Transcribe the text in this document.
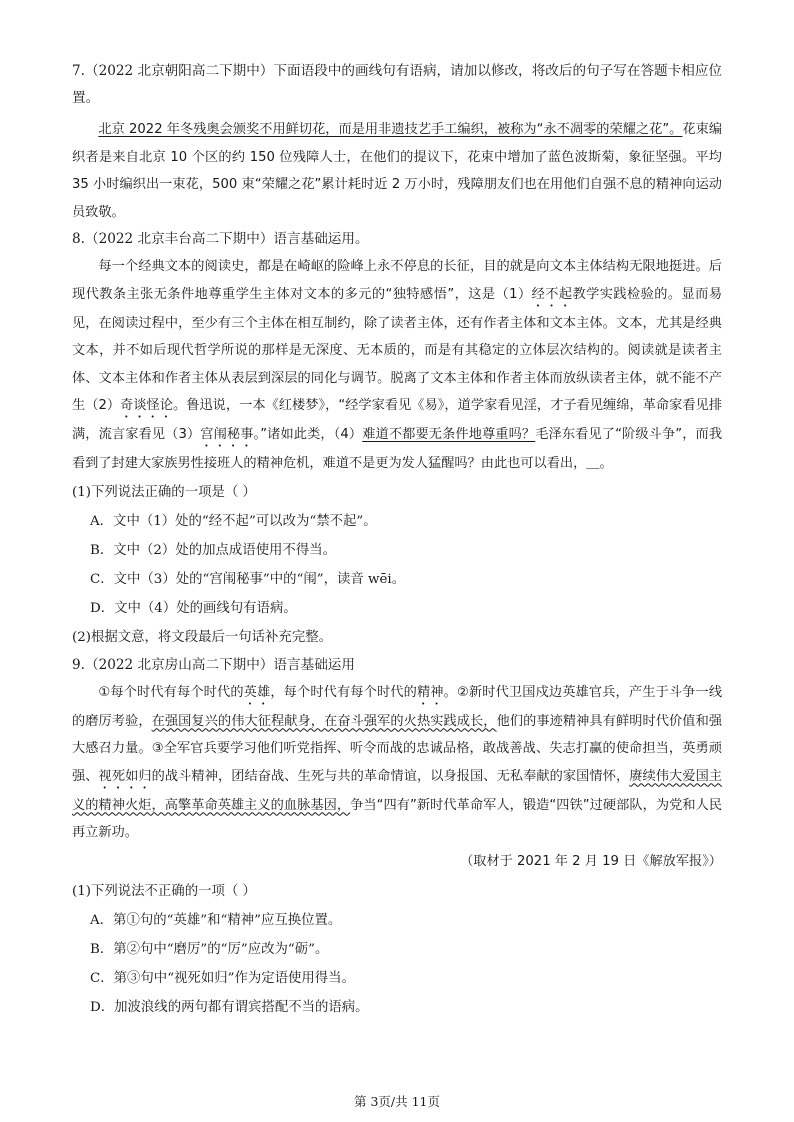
7.（2022 北京朝阳高二下期中）下面语段中的画线句有语病，请加以修改，将改后的句子写在答题卡相应位置。

北京 2022 年冬残奥会颁奖不用鲜切花，而是用非遗技艺手工编织，被称为“永不凋零的荣耀之花”。花束编织者是来自北京 10 个区的约 150 位残障人士，在他们的提议下，花束中增加了蓝色波斯菊，象征坚强。平均 35 小时编织出一束花，500 束“荣耀之花”累计耗时近 2 万小时，残障朋友们也在用他们自强不息的精神向运动员致敬。

8.（2022 北京丰台高二下期中）语言基础运用。

每一个经典文本的阅读史，都是在崎岖的险峰上永不停息的长征，目的就是向文本主体结构无限地挺进。后现代教条主张无条件地尊重学生主体对文本的多元的“独特感悟”，这是（1）经不起教学实践检验的。显而易见，在阅读过程中，至少有三个主体在相互制约，除了读者主体，还有作者主体和文本主体。文本，尤其是经典文本，并不如后现代哲学所说的那样是无深度、无本质的，而是有其稳定的立体层次结构的。阅读就是读者主体、文本主体和作者主体从表层到深层的同化与调节。脱离了文本主体和作者主体而放纵读者主体，就不能不产生（2）奇谈怪论。鲁迅说，一本《红楼梦》，“经学家看见《易》，道学家看见淫，才子看见缠绵，革命家看见排满，流言家看见（3）宫闱秘事。”诸如此类，（4）难道不都要无条件地尊重吗？毛泽东看见了“阶级斗争”，而我看到了封建大家族男性接班人的精神危机，难道不是更为发人猛醒吗？由此也可以看出，＿。

(1)下列说法正确的一项是（ ）

A．文中（1）处的“经不起”可以改为“禁不起”。

B．文中（2）处的加点成语使用不得当。

C．文中（3）处的“宫闱秘事”中的“闱”，读音 wēi。

D．文中（4）处的画线句有语病。

(2)根据文意，将文段最后一句话补充完整。

9.（2022 北京房山高二下期中）语言基础运用

①每个时代有每个时代的英雄，每个时代有每个时代的精神。②新时代卫国戍边英雄官兵，产生于斗争一线的磨厉考验，在强国复兴的伟大征程献身，在奋斗强军的火热实践成长，他们的事迹精神具有鲜明时代价值和强大感召力量。③全军官兵要学习他们听党指挥、听令而战的忠诚品格，敢战善战、失志打赢的使命担当，英勇顽强、视死如归的战斗精神，团结奋战、生死与共的革命情谊，以身报国、无私奉献的家国情怀，赓续伟大爱国主义的精神火炬，高擎革命英雄主义的血脉基因，争当“四有”新时代革命军人，锻造“四铁”过硬部队，为党和人民再立新功。

（取材于 2021 年 2 月 19 日《解放军报》）

(1)下列说法不正确的一项（ ）

A．第①句的“英雄”和“精神”应互换位置。

B．第②句中“磨厉”的“厉”应改为“砺”。

C．第③句中“视死如归”作为定语使用得当。

D．加波浪线的两句都有谓宾搭配不当的语病。

第 3页/共 11页
